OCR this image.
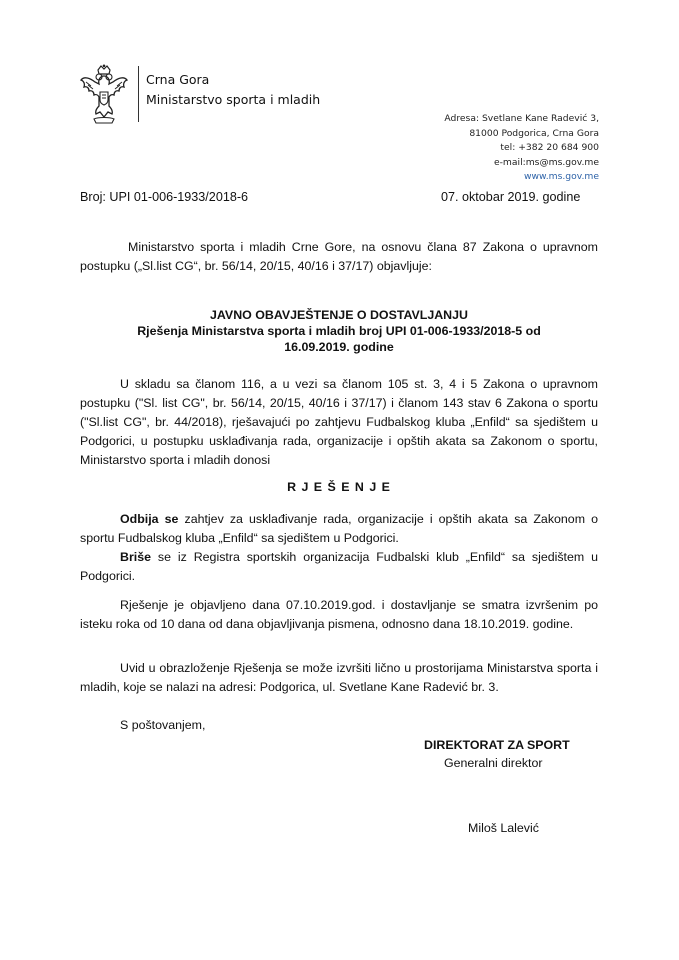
Crna Gora
Ministarstvo sporta i mladih
Adresa: Svetlane Kane Radević 3,
81000 Podgorica, Crna Gora
tel: +382 20 684 900
e-mail:ms@ms.gov.me
www.ms.gov.me
Broj: UPI 01-006-1933/2018-6	07. oktobar 2019. godine
Ministarstvo sporta i mladih Crne Gore, na osnovu člana 87 Zakona o upravnom postupku („Sl.list CG“, br. 56/14, 20/15, 40/16 i 37/17) objavljuje:
JAVNO OBAVJEŠTENJE O DOSTAVLJANJU
Rješenja Ministarstva sporta i mladih broj UPI 01-006-1933/2018-5 od
16.09.2019. godine
U skladu sa članom 116, a u vezi sa članom 105 st. 3, 4 i 5 Zakona o upravnom postupku ("Sl. list CG", br. 56/14, 20/15, 40/16 i 37/17) i članom 143 stav 6 Zakona o sportu ("Sl.list CG", br. 44/2018), rješavajući po zahtjevu Fudbalskog kluba „Enfild“ sa sjedištem u Podgorici, u postupku usklađivanja rada, organizacije i opštih akata sa Zakonom o sportu, Ministarstvo sporta i mladih donosi
R J E Š E N J E
Odbija se zahtjev za usklađivanje rada, organizacije i opštih akata sa Zakonom o sportu Fudbalskog kluba „Enfild“ sa sjedištem u Podgorici.
Briše se iz Registra sportskih organizacija Fudbalski klub „Enfild“ sa sjedištem u Podgorici.
Rješenje je objavljeno dana 07.10.2019.god. i dostavljanje se smatra izvršenim po isteku roka od 10 dana od dana objavljivanja pismena, odnosno dana 18.10.2019. godine.
Uvid u obrazloženje Rješenja se može izvršiti lično u prostorijama Ministarstva sporta i mladih, koje se nalazi na adresi: Podgorica, ul. Svetlane Kane Radević br. 3.
S poštovanjem,
DIREKTORAT ZA SPORT
Generalni direktor
Miloš Lalević
